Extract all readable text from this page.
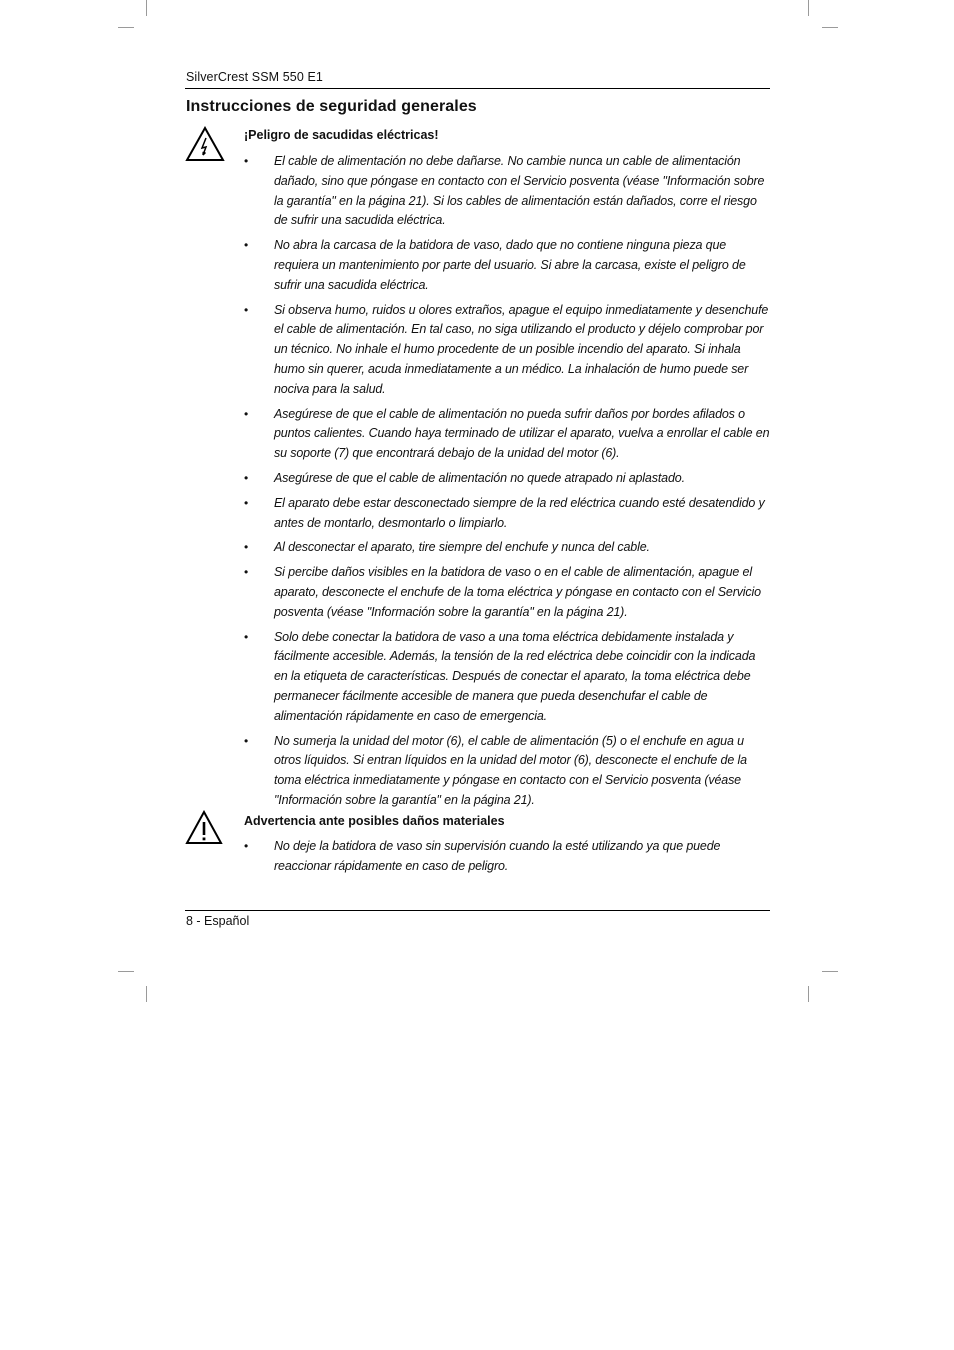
SilverCrest SSM 550 E1
Instrucciones de seguridad generales
¡Peligro de sacudidas eléctricas!
• El cable de alimentación no debe dañarse. No cambie nunca un cable de alimentación dañado, sino que póngase en contacto con el Servicio posventa (véase "Información sobre la garantía" en la página 21). Si los cables de alimentación están dañados, corre el riesgo de sufrir una sacudida eléctrica.
• No abra la carcasa de la batidora de vaso, dado que no contiene ninguna pieza que requiera un mantenimiento por parte del usuario. Si abre la carcasa, existe el peligro de sufrir una sacudida eléctrica.
• Si observa humo, ruidos u olores extraños, apague el equipo inmediatamente y desenchufe el cable de alimentación. En tal caso, no siga utilizando el producto y déjelo comprobar por un técnico. No inhale el humo procedente de un posible incendio del aparato. Si inhala humo sin querer, acuda inmediatamente a un médico. La inhalación de humo puede ser nociva para la salud.
• Asegúrese de que el cable de alimentación no pueda sufrir daños por bordes afilados o puntos calientes. Cuando haya terminado de utilizar el aparato, vuelva a enrollar el cable en su soporte (7) que encontrará debajo de la unidad del motor (6).
• Asegúrese de que el cable de alimentación no quede atrapado ni aplastado.
• El aparato debe estar desconectado siempre de la red eléctrica cuando esté desatendido y antes de montarlo, desmontarlo o limpiarlo.
• Al desconectar el aparato, tire siempre del enchufe y nunca del cable.
• Si percibe daños visibles en la batidora de vaso o en el cable de alimentación, apague el aparato, desconecte el enchufe de la toma eléctrica y póngase en contacto con el Servicio posventa (véase "Información sobre la garantía" en la página 21).
• Solo debe conectar la batidora de vaso a una toma eléctrica debidamente instalada y fácilmente accesible. Además, la tensión de la red eléctrica debe coincidir con la indicada en la etiqueta de características. Después de conectar el aparato, la toma eléctrica debe permanecer fácilmente accesible de manera que pueda desenchufar el cable de alimentación rápidamente en caso de emergencia.
• No sumerja la unidad del motor (6), el cable de alimentación (5) o el enchufe en agua u otros líquidos. Si entran líquidos en la unidad del motor (6), desconecte el enchufe de la toma eléctrica inmediatamente y póngase en contacto con el Servicio posventa (véase "Información sobre la garantía" en la página 21).
Advertencia ante posibles daños materiales
• No deje la batidora de vaso sin supervisión cuando la esté utilizando ya que puede reaccionar rápidamente en caso de peligro.
8 - Español
